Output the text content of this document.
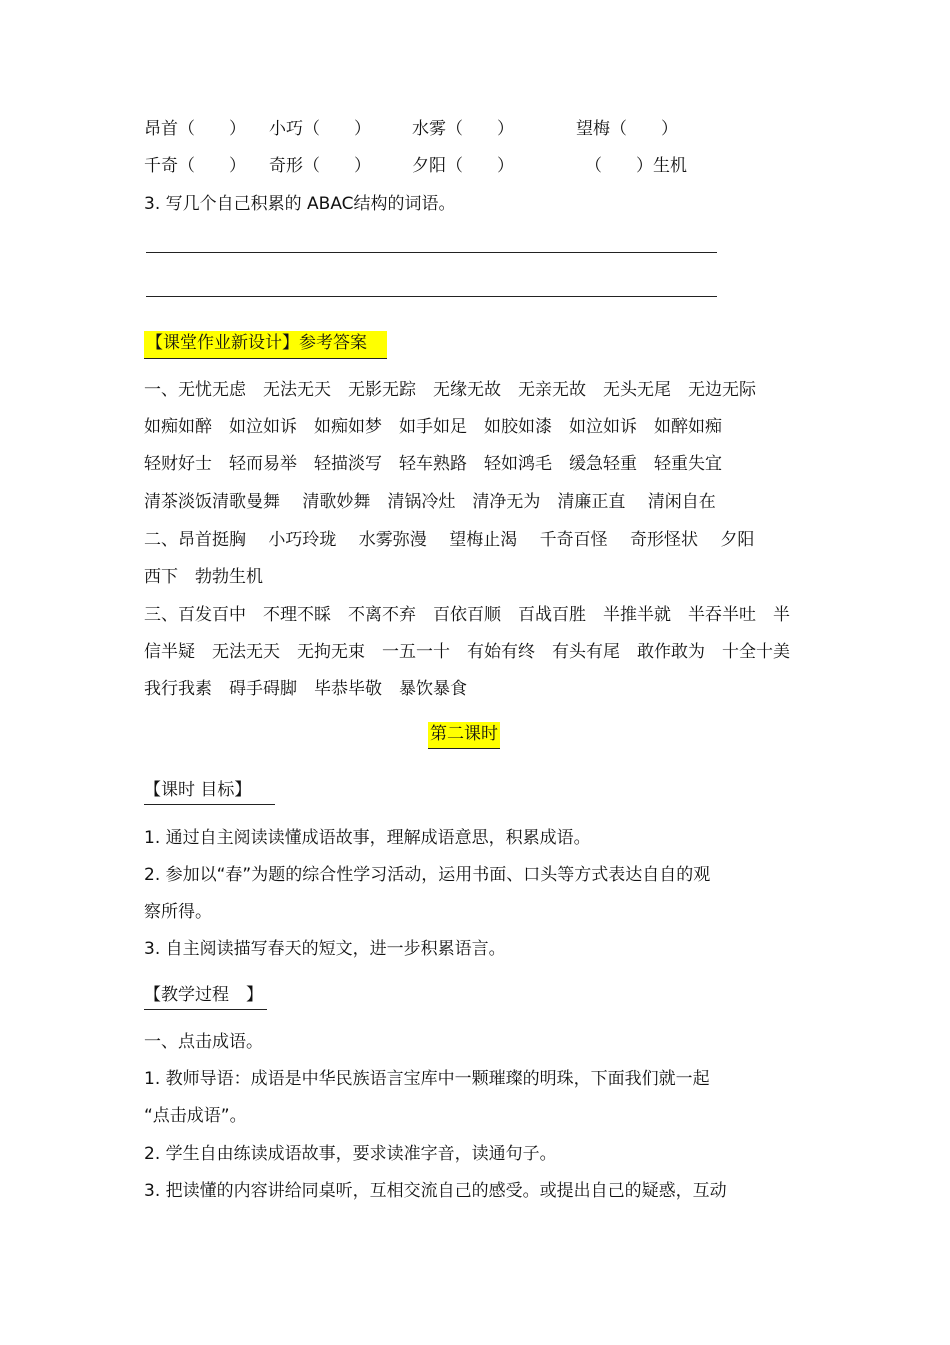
昂首（　　） 小巧（　　） 水雾（　　）	望梅（　　）
千奇（　　） 奇形（　　） 夕阳（　　）	（　　）生机
3. 写几个自己积累的 ABAC结构的词语。
【课堂作业新设计】参考答案
一、无忧无虑　无法无天　无影无踪　无缘无故　无亲无故　无头无尾　无边无际
如痴如醉　如泣如诉　如痴如梦　如手如足　如胶如漆　如泣如诉　如醉如痴
轻财好士　轻而易举　轻描淡写　轻车熟路　轻如鸿毛　缓急轻重　轻重失宜
清茶淡饭清歌曼舞　 清歌妙舞　清锅冷灶　清净无为　清廉正直　 清闲自在
二、昂首挺胸　 小巧玲珑　 水雾弥漫　 望梅止渴　 千奇百怪　 奇形怪状　 夕阳
西下　勃勃生机
三、百发百中　不理不睬　不离不弃　百依百顺　百战百胜　半推半就　半吞半吐　半
信半疑　无法无天　无拘无束　一五一十　有始有终　有头有尾　敢作敢为　十全十美
我行我素　碍手碍脚　毕恭毕敬　暴饮暴食
第二课时
【课时 目标】
1. 通过自主阅读读懂成语故事，理解成语意思，积累成语。
2. 参加以“春”为题的综合性学习活动，运用书面、口头等方式表达自自的观
察所得。
3. 自主阅读描写春天的短文，进一步积累语言。
【教学过程　】
一、点击成语。
1. 教师导语：成语是中华民族语言宝库中一颗璀璨的明珠，下面我们就一起
“点击成语”。
2. 学生自由练读成语故事，要求读准字音，读通句子。
3. 把读懂的内容讲给同桌听，互相交流自己的感受。或提出自己的疑惑，互动
